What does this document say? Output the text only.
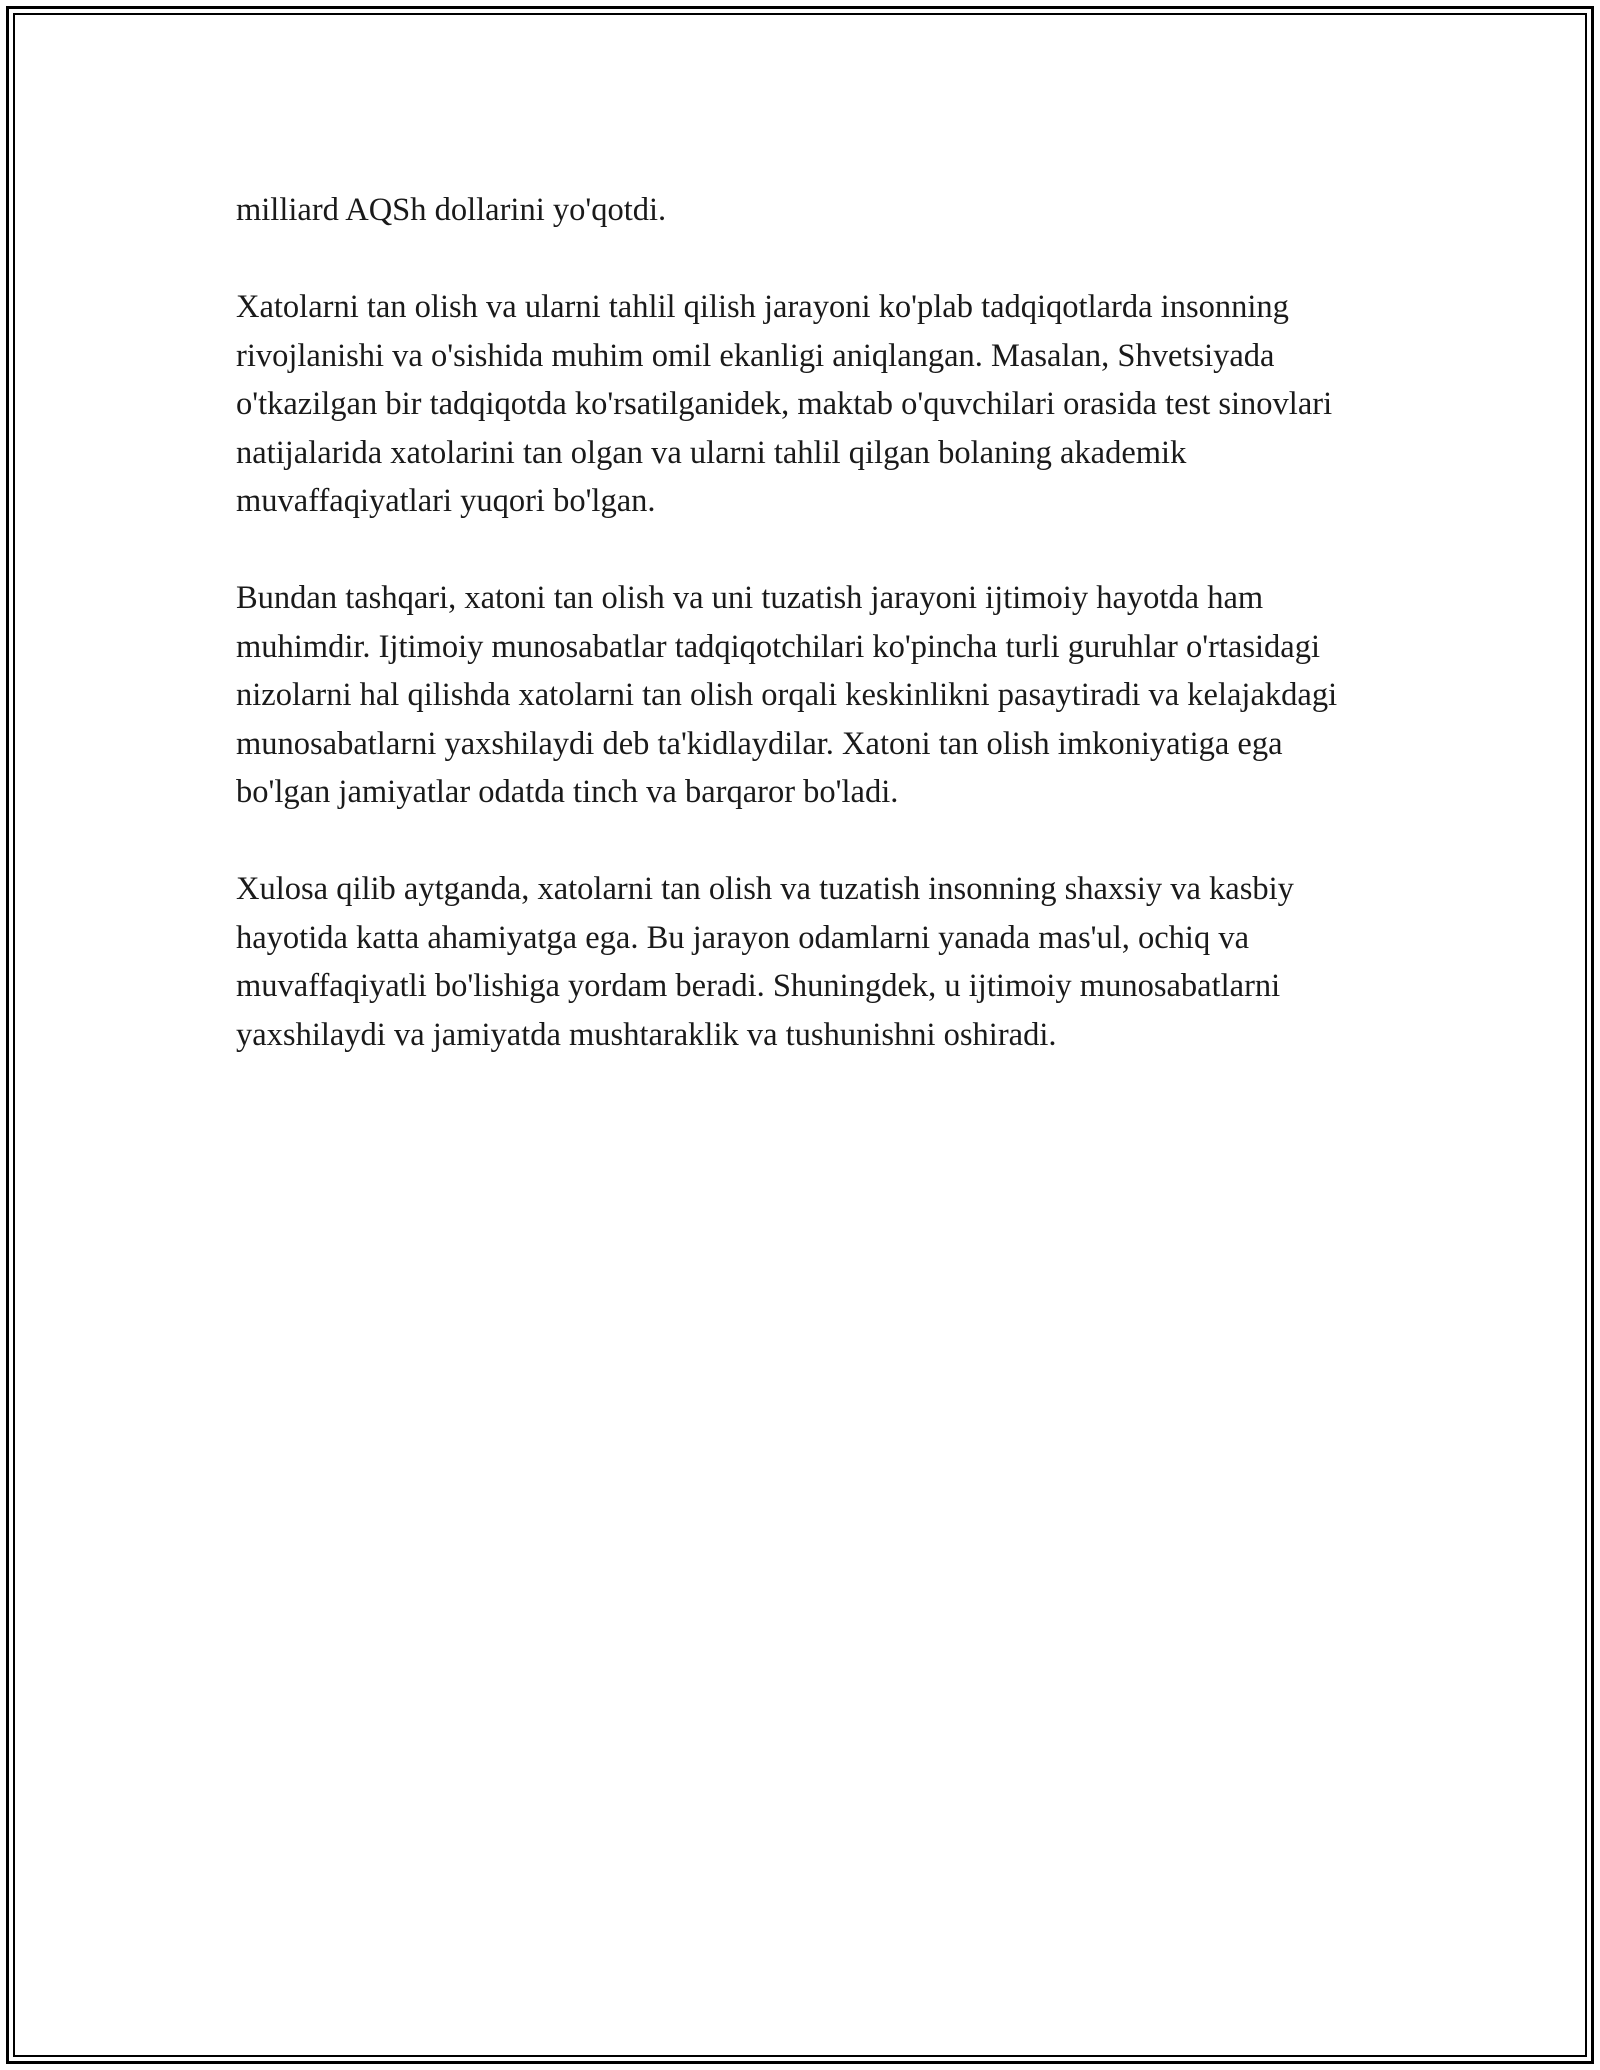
milliard AQSh dollarini yo'qotdi.

Xatolarni tan olish va ularni tahlil qilish jarayoni ko'plab tadqiqotlarda insonning rivojlanishi va o'sishida muhim omil ekanligi aniqlangan. Masalan, Shvetsiyada o'tkazilgan bir tadqiqotda ko'rsatilganidek, maktab o'quvchilari orasida test sinovlari natijalarida xatolarini tan olgan va ularni tahlil qilgan bolaning akademik muvaffaqiyatlari yuqori bo'lgan.

Bundan tashqari, xatoni tan olish va uni tuzatish jarayoni ijtimoiy hayotda ham muhimdir. Ijtimoiy munosabatlar tadqiqotchilari ko'pincha turli guruhlar o'rtasidagi nizolarni hal qilishda xatolarni tan olish orqali keskinlikni pasaytiradi va kelajakdagi munosabatlarni yaxshilaydi deb ta'kidlaydilar. Xatoni tan olish imkoniyatiga ega bo'lgan jamiyatlar odatda tinch va barqaror bo'ladi.

Xulosa qilib aytganda, xatolarni tan olish va tuzatish insonning shaxsiy va kasbiy hayotida katta ahamiyatga ega. Bu jarayon odamlarni yanada mas'ul, ochiq va muvaffaqiyatli bo'lishiga yordam beradi. Shuningdek, u ijtimoiy munosabatlarni yaxshilaydi va jamiyatda mushtaraklik va tushunishni oshiradi.
